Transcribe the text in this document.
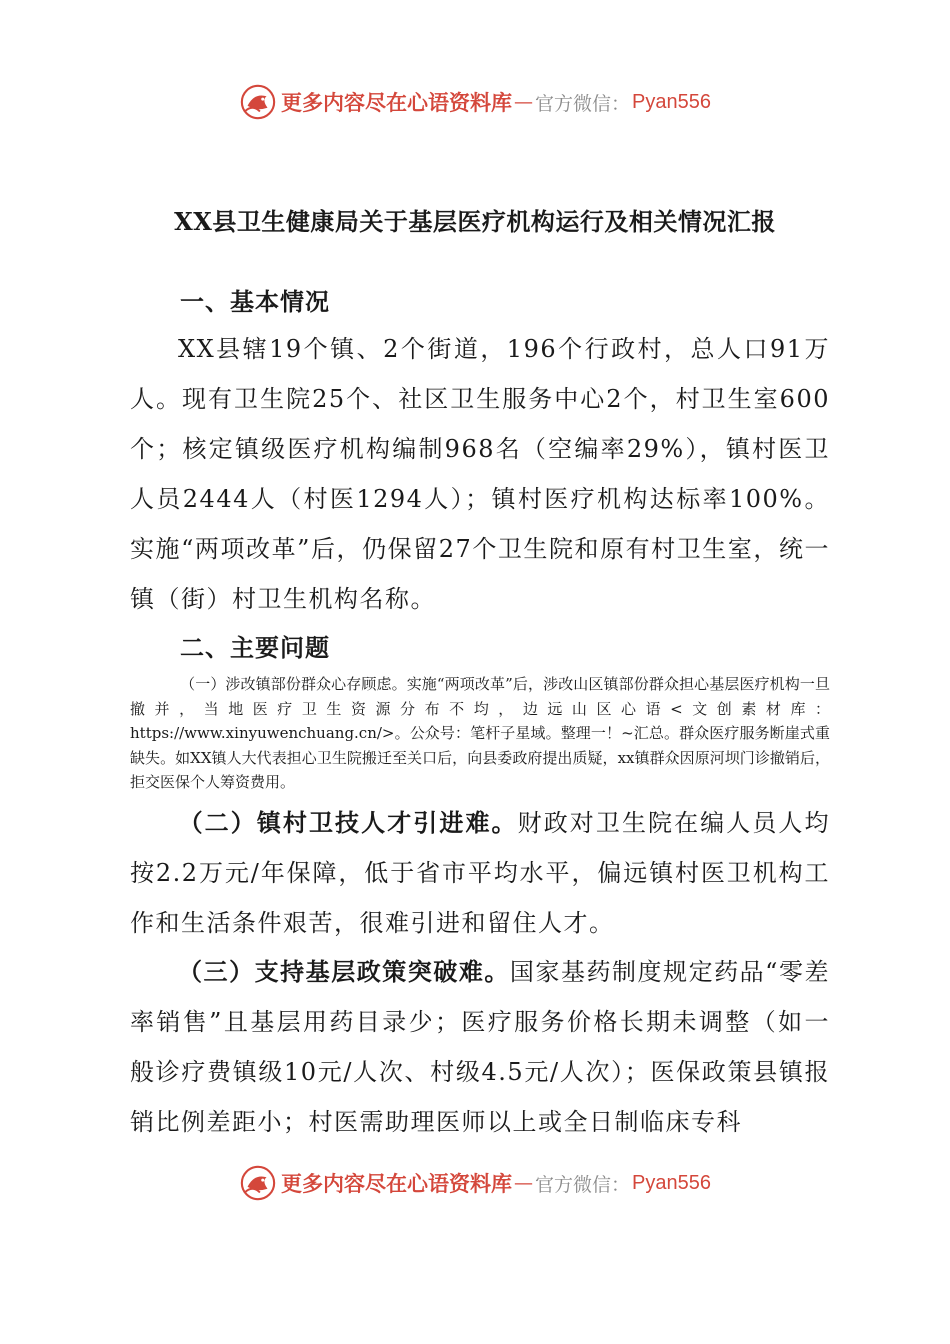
更多内容尽在心语资料库 — 官方微信： Pyan556
XX县卫生健康局关于基层医疗机构运行及相关情况汇报
一、基本情况

XX县辖19个镇、2个街道，196个行政村，总人口91万人。现有卫生院25个、社区卫生服务中心2个，村卫生室600个；核定镇级医疗机构编制968名（空编率29%），镇村医卫人员2444人（村医1294人）；镇村医疗机构达标率100%。实施“两项改革”后，仍保留27个卫生院和原有村卫生室，统一镇（街）村卫生机构名称。

二、主要问题

（一）涉改镇部份群众心存顾虑。实施“两项改革”后，涉改山区镇部份群众担心基层医疗机构一旦撤并，当地医疗卫生资源分布不均，边远山区心语<文创素材库：https://www.xinyuwenchuang.cn/>。公众号：笔杆子星域。整理一！~汇总。群众医疗服务断崖式重缺失。如XX镇人大代表担心卫生院搬迁至关口后，向县委政府提出质疑，xx镇群众因原河坝门诊撤销后，拒交医保个人筹资费用。

（二）镇村卫技人才引进难。财政对卫生院在编人员人均按2.2万元/年保障，低于省市平均水平，偏远镇村医卫机构工作和生活条件艰苦，很难引进和留住人才。

（三）支持基层政策突破难。国家基药制度规定药品“零差率销售”且基层用药目录少；医疗服务价格长期未调整（如一般诊疗费镇级10元/人次、村级4.5元/人次）；医保政策县镇报销比例差距小；村医需助理医师以上或全日制临床专科

更多内容尽在心语资料库 — 官方微信： Pyan556
